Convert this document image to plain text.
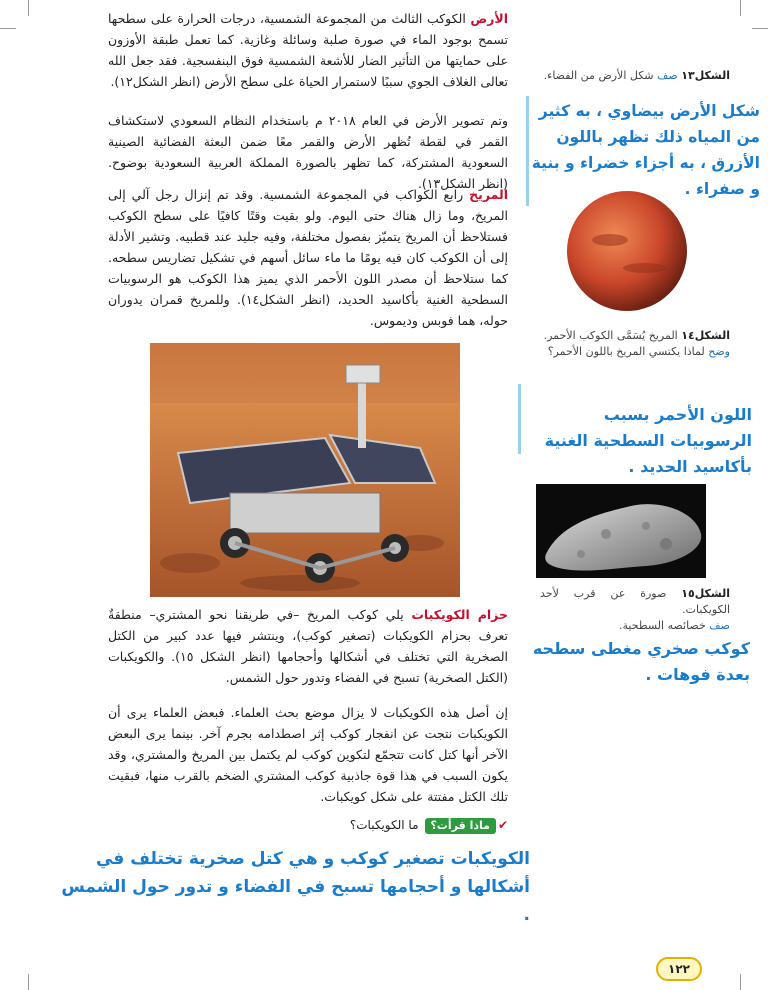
الأرض الكوكب الثالث من المجموعة الشمسية، درجات الحرارة على سطحها تسمح بوجود الماء في صورة صلبة وسائلة وغازية. كما تعمل طبقة الأوزون على حمايتها من التأثير الضار للأشعة الشمسية فوق البنفسجية. فقد جعل الله تعالى الغلاف الجوي سببًا لاستمرار الحياة على سطح الأرض (انظر الشكل١٢).
وتم تصوير الأرض في العام ٢٠١٨ م باستخدام النظام السعودي لاستكشاف القمر في لقطة تُظهر الأرض والقمر معًا ضمن البعثة الفضائية الصينية السعودية المشتركة، كما تظهر بالصورة المملكة العربية السعودية بوضوح. (انظر الشكل١٣).
المريخ رابع الكواكب في المجموعة الشمسية. وقد تم إنزال رجل آلي إلى المريخ، وما زال هناك حتى اليوم. ولو بقيت وقتًا كافيًا على سطح الكوكب فستلاحظ أن المريخ يتميّز بفصول مختلفة، وفيه جليد عند قطبيه. وتشير الأدلة إلى أن الكوكب كان فيه يومًا ما ماء سائل أسهم في تشكيل تضاريس سطحه. كما ستلاحظ أن مصدر اللون الأحمر الذي يميز هذا الكوكب هو الرسوبيات السطحية الغنية بأكاسيد الحديد، (انظر الشكل١٤). وللمريخ قمران يدوران حوله، هما فوبس وديموس.
حزام الكويكبات يلي كوكب المريخ –في طريقنا نحو المشتري– منطقةٌ تعرف بحزام الكويكبات (تصغير كوكب)، وينتشر فيها عدد كبير من الكتل الصخرية التي تختلف في أشكالها وأحجامها (انظر الشكل ١٥). والكويكبات (الكتل الصخرية) تسبح في الفضاء وتدور حول الشمس.
إن أصل هذه الكويكبات لا يزال موضع بحث العلماء. فبعض العلماء يرى أن الكويكبات نتجت عن انفجار كوكب إثر اصطدامه بجرم آخر. بينما يرى البعض الآخر أنها كتل كانت تتجمّع لتكوين كوكب لم يكتمل بين المريخ والمشتري، وقد يكون السبب في هذا قوة جاذبية كوكب المشتري الضخم بالقرب منها، فبقيت تلك الكتل مفتتة على شكل كويكبات.
✔ماذا قرأت؟ما الكويكبات؟
الكويكبات تصغير كوكب و هي كتل صخرية تختلف في أشكالها و أحجامها تسبح في الفضاء و تدور حول الشمس .
الشكل١٣ صف شكل الأرض من الفضاء.
شكل الأرض بيضاوي ، به كثير من المياه ذلك تظهر باللون الأزرق ، به أجزاء خضراء و بنية و صفراء .
الشكل١٤ المريخ يُسَمَّى الكوكب الأحمر.
وضح لماذا يكتسي المريخ باللون الأحمر؟
اللون الأحمر بسبب الرسوبيات السطحية الغنية بأكاسيد الحديد .
الشكل١٥ صورة عن قرب لأحد الكويكبات.
صف خصائصه السطحية.
كوكب صخري مغطى سطحه بعدة فوهات .
١٢٢
